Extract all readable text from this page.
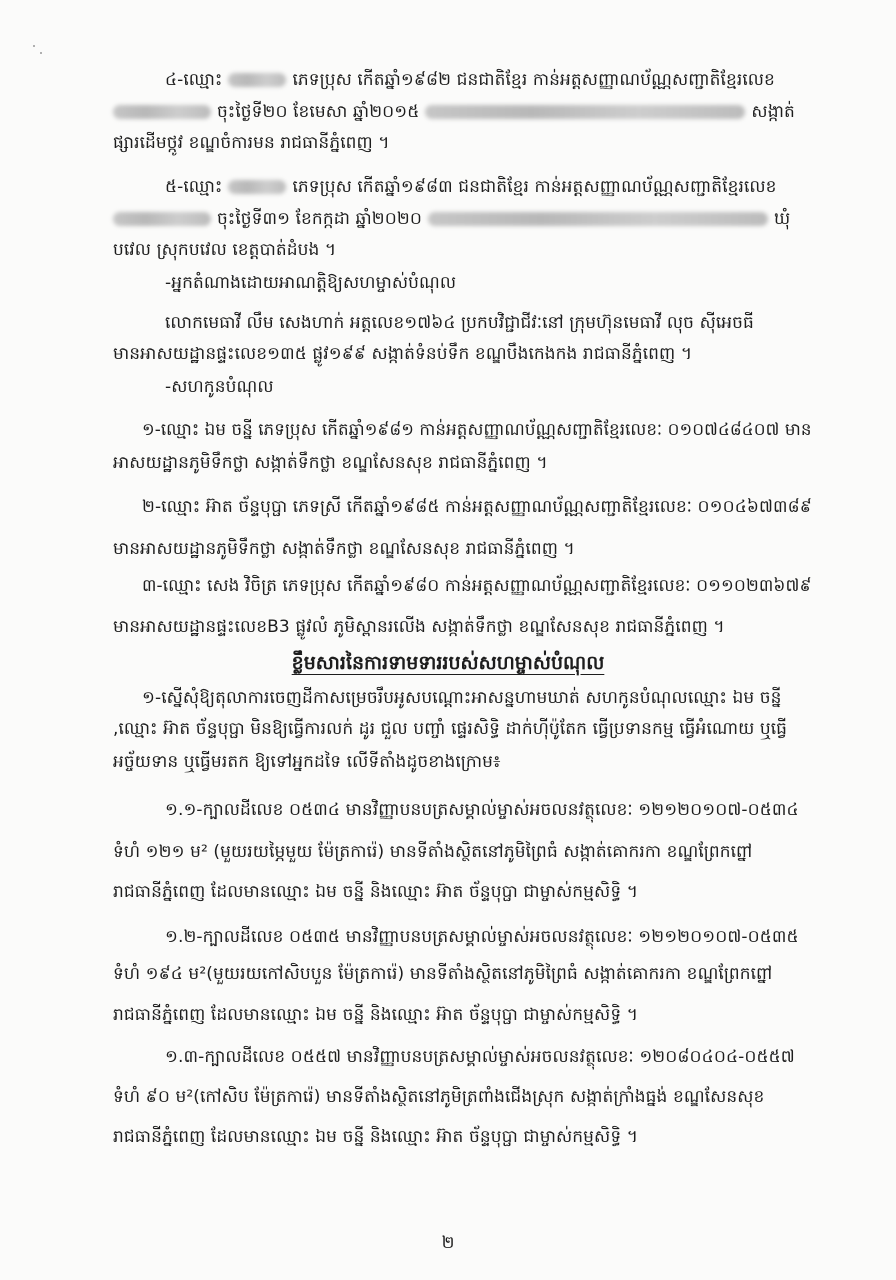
៤-ឈ្មោះ	ភេទប្រុស កើតឆ្នាំ១៩៨២ ជនជាតិខ្មែរ កាន់អត្តសញ្ញាណប័ណ្ណសញ្ជាតិខ្មែរលេខ
ចុះថ្ងៃទី២០ ខែមេសា ឆ្នាំ២០១៥	សង្កាត់
ផ្សារដើមថ្កូវ ខណ្ឌចំការមន រាជធានីភ្នំពេញ ។
៥-ឈ្មោះ	ភេទប្រុស កើតឆ្នាំ១៩៨៣ ជនជាតិខ្មែរ កាន់អត្តសញ្ញាណប័ណ្ណសញ្ជាតិខ្មែរលេខ
ចុះថ្ងៃទី៣១ ខែកក្កដា ឆ្នាំ២០២០	ឃុំ
បវេល ស្រុកបវេល ខេត្តបាត់ដំបង ។
-អ្នកតំណាងដោយអាណត្តិឱ្យសហម្ចាស់បំណុល
លោកមេធាវី លឹម សេងហាក់ អត្តលេខ១៧៦៤ ប្រកបវិជ្ជាជីវៈនៅ ក្រុមហ៊ុនមេធាវី លុច ស៊ីអេចធី
មានអាសយដ្ឋានផ្ទះលេខ១៣៥ ផ្លូវ១៩៩ សង្កាត់ទំនប់ទឹក ខណ្ឌបឹងកេងកង រាជធានីភ្នំពេញ ។
-សហកូនបំណុល
១-ឈ្មោះ ឯម ចន្នី ភេទប្រុស កើតឆ្នាំ១៩៨១ កាន់អត្តសញ្ញាណប័ណ្ណសញ្ជាតិខ្មែរលេខៈ ០១០៧៤៨៤០៧ មាន
អាសយដ្ឋានភូមិទឹកថ្លា សង្កាត់ទឹកថ្លា ខណ្ឌសែនសុខ រាជធានីភ្នំពេញ ។
២-ឈ្មោះ អ៊ាត ច័ន្ទបុប្ផា ភេទស្រី កើតឆ្នាំ១៩៨៥ កាន់អត្តសញ្ញាណប័ណ្ណសញ្ជាតិខ្មែរលេខៈ ០១០៤៦៧៣៨៩
មានអាសយដ្ឋានភូមិទឹកថ្លា សង្កាត់ទឹកថ្លា ខណ្ឌសែនសុខ រាជធានីភ្នំពេញ ។
៣-ឈ្មោះ សេង វិចិត្រ ភេទប្រុស កើតឆ្នាំ១៩៨០ កាន់អត្តសញ្ញាណប័ណ្ណសញ្ជាតិខ្មែរលេខៈ ០១១០២៣៦៧៩
មានអាសយដ្ឋានផ្ទះលេខB3 ផ្លូវលំ ភូមិស្ពានរលើង សង្កាត់ទឹកថ្លា ខណ្ឌសែនសុខ រាជធានីភ្នំពេញ ។
ខ្លឹមសារនៃការទាមទាររបស់សហម្ចាស់បំណុល
១-ស្នើសុំឱ្យតុលាការចេញដីកាសម្រេចរឹបអូសបណ្ដោះអាសន្នហាមឃាត់ សហកូនបំណុលឈ្មោះ ឯម ចន្នី
,ឈ្មោះ អ៊ាត ច័ន្ទបុប្ផា មិនឱ្យធ្វើការលក់ ដូរ ជួល បញ្ចាំ ផ្ទេរសិទ្ធិ ដាក់ហ៊ីប៉ូតែក ធ្វើប្រទានកម្ម ធ្វើអំណោយ ឬធ្វើ
អច្ច័យទាន ឬធ្វើមរតក ឱ្យទៅអ្នកដទៃ លើទីតាំងដូចខាងក្រោម៖
១.១-ក្បាលដីលេខ ០៥៣៤ មានវិញ្ញាបនបត្រសម្គាល់ម្ចាស់អចលនវត្ថុលេខៈ ១២១២០១០៧-០៥៣៤
ទំហំ ១២១ ម² (មួយរយម្ភៃមួយ ម៉ែត្រការ៉េ) មានទីតាំងស្ថិតនៅភូមិព្រៃធំ សង្កាត់គោករកា ខណ្ឌព្រែកព្នៅ
រាជធានីភ្នំពេញ ដែលមានឈ្មោះ ឯម ចន្នី និងឈ្មោះ អ៊ាត ច័ន្ទបុប្ផា ជាម្ចាស់កម្មសិទ្ធិ ។
១.២-ក្បាលដីលេខ ០៥៣៥ មានវិញ្ញាបនបត្រសម្គាល់ម្ចាស់អចលនវត្ថុលេខៈ ១២១២០១០៧-០៥៣៥
ទំហំ ១៩៤ ម²(មួយរយកៅសិបបួន ម៉ែត្រការ៉េ) មានទីតាំងស្ថិតនៅភូមិព្រៃធំ សង្កាត់គោករកា ខណ្ឌព្រែកព្នៅ
រាជធានីភ្នំពេញ ដែលមានឈ្មោះ ឯម ចន្នី និងឈ្មោះ អ៊ាត ច័ន្ទបុប្ផា ជាម្ចាស់កម្មសិទ្ធិ ។
១.៣-ក្បាលដីលេខ ០៥៥៧ មានវិញ្ញាបនបត្រសម្គាល់ម្ចាស់អចលនវត្ថុលេខៈ ១២០៨០៤០៤-០៥៥៧
ទំហំ ៩០ ម²(កៅសិប ម៉ែត្រការ៉េ) មានទីតាំងស្ថិតនៅភូមិត្រពាំងជើងស្រុក សង្កាត់ក្រាំងធ្នង់ ខណ្ឌសែនសុខ
រាជធានីភ្នំពេញ ដែលមានឈ្មោះ ឯម ចន្នី និងឈ្មោះ អ៊ាត ច័ន្ទបុប្ផា ជាម្ចាស់កម្មសិទ្ធិ ។
២
